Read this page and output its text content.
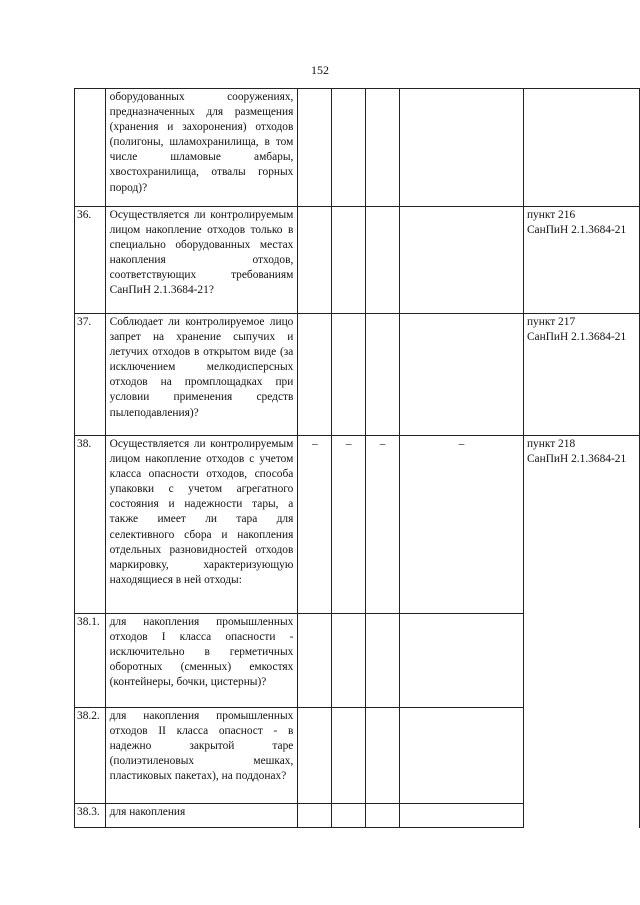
152
	оборудованных сооружениях, предназначенных для размещения (хранения и захоронения) отходов (полигоны, шламохранилища, в том числе шламовые амбары, хвостохранилища, отвалы горных пород)?					

36.	Осуществляется ли контролируемым лицом накопление отходов только в специально оборудованных местах накопления отходов, соответствующих требованиям СанПиН 2.1.3684-21?					пункт 216
СанПиН 2.1.3684-21

37.	Соблюдает ли контролируемое лицо запрет на хранение сыпучих и летучих отходов в открытом виде (за исключением мелкодисперсных отходов на промплощадках при условии применения средств пылеподавления)?					пункт 217
СанПиН 2.1.3684-21

38.	Осуществляется ли контролируемым лицом накопление отходов с учетом класса опасности отходов, способа упаковки с учетом агрегатного состояния и надежности тары, а также имеет ли тара для селективного сбора и накопления отдельных разновидностей отходов маркировку, характеризующую находящиеся в ней отходы:	–	–	–	–	пункт 218
СанПиН 2.1.3684-21

38.1.	для накопления промышленных отходов I класса опасности - исключительно в герметичных оборотных (сменных) емкостях (контейнеры, бочки, цистерны)?					
38.2.	для накопления промышленных отходов II класса опасност - в надежно закрытой таре (полиэтиленовых мешках, пластиковых пакетах), на поддонах?					
38.3.	для накопления					
